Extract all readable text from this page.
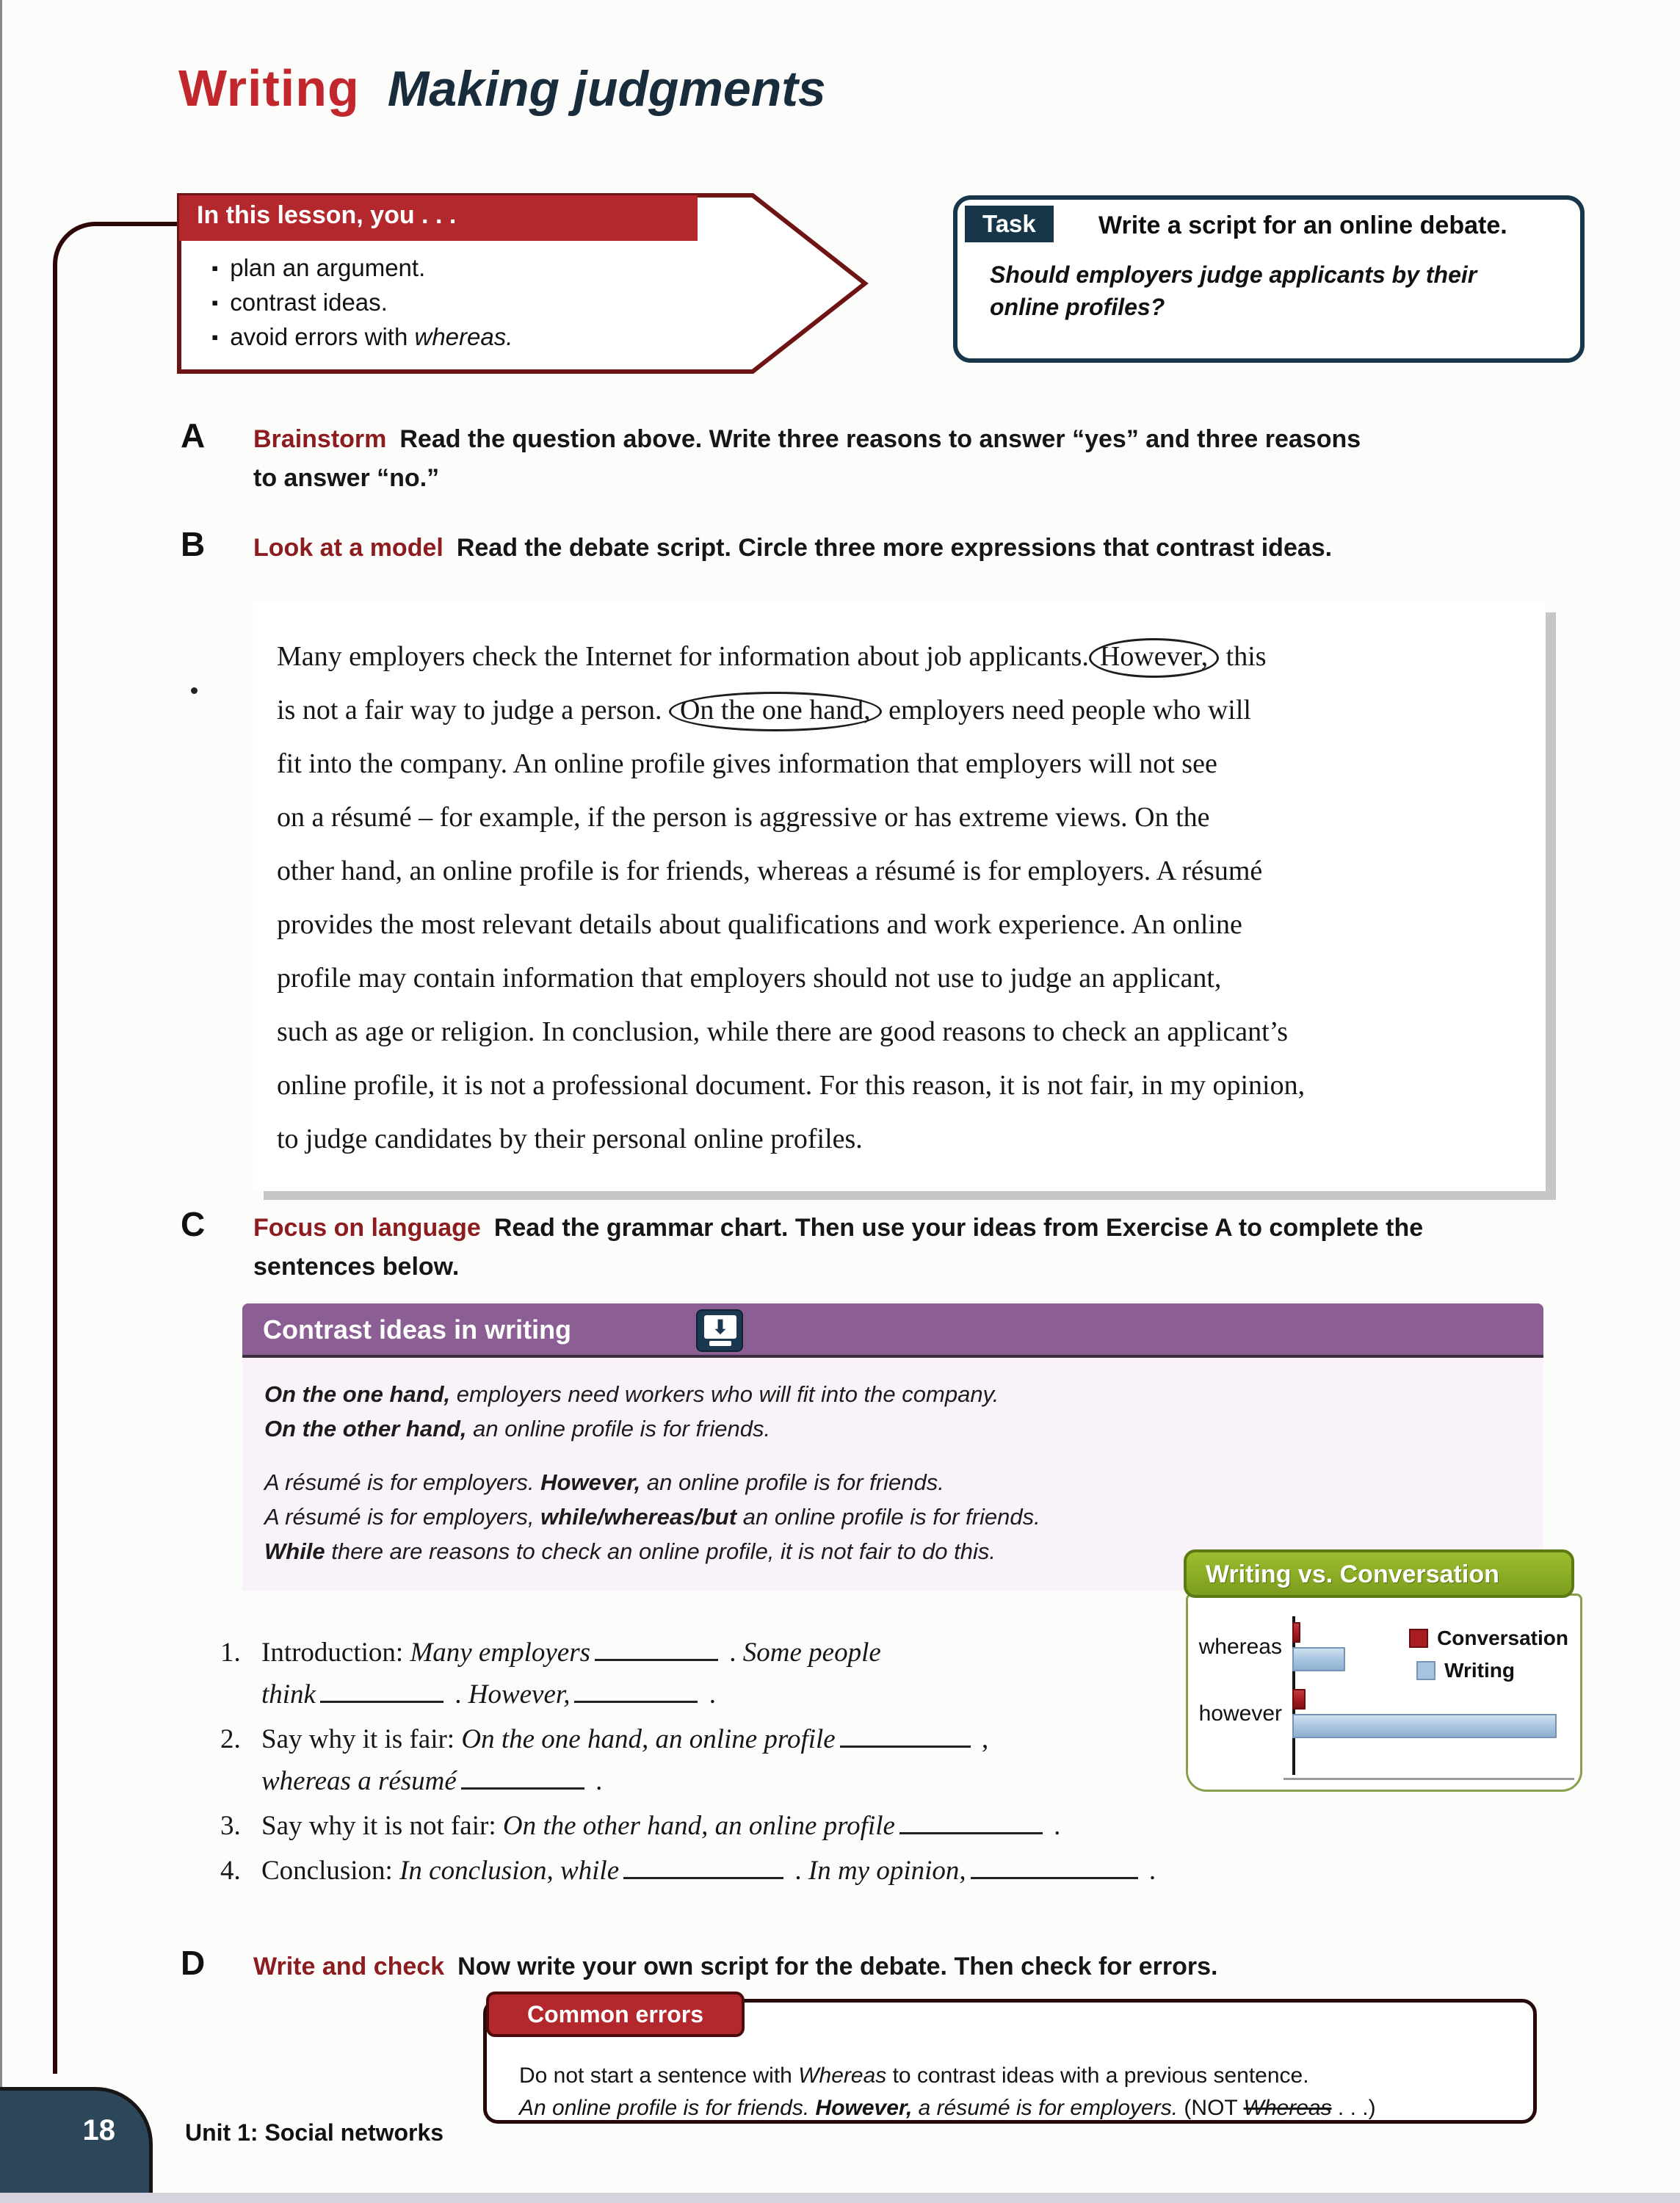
Writing Making judgments
In this lesson, you . . .
▪ plan an argument.
▪ contrast ideas.
▪ avoid errors with whereas.
Task	Write a script for an online debate.
Should employers judge applicants by their online profiles?
A Brainstorm Read the question above. Write three reasons to answer “yes” and three reasons
to answer “no.”
B Look at a model Read the debate script. Circle three more expressions that contrast ideas.
Many employers check the Internet for information about job applicants. However, this
is not a fair way to judge a person. On the one hand, employers need people who will
fit into the company. An online profile gives information that employers will not see
on a résumé – for example, if the person is aggressive or has extreme views. On the
other hand, an online profile is for friends, whereas a résumé is for employers. A résumé
provides the most relevant details about qualifications and work experience. An online
profile may contain information that employers should not use to judge an applicant,
such as age or religion. In conclusion, while there are good reasons to check an applicant’s
online profile, it is not a professional document. For this reason, it is not fair, in my opinion,
to judge candidates by their personal online profiles.
C Focus on language Read the grammar chart. Then use your ideas from Exercise A to complete the
sentences below.
Contrast ideas in writing	⬇
On the one hand, employers need workers who will fit into the company.
On the other hand, an online profile is for friends.
A résumé is for employers. However, an online profile is for friends.
A résumé is for employers, while/whereas/but an online profile is for friends.
While there are reasons to check an online profile, it is not fair to do this.
Writing vs. Conversation
whereas
however
Conversation
Writing
1. Introduction: Many employers	. Some people
think	. However,	.
2. Say why it is fair: On the one hand, an online profile	,
whereas a résumé	.
3. Say why it is not fair: On the other hand, an online profile	.
4. Conclusion: In conclusion, while	. In my opinion,	.
D Write and check Now write your own script for the debate. Then check for errors.
Do not start a sentence with Whereas to contrast ideas with a previous sentence.
An online profile is for friends. However, a résumé is for employers. (NOT Whereas . . .)
Common errors
18	Unit 1: Social networks
